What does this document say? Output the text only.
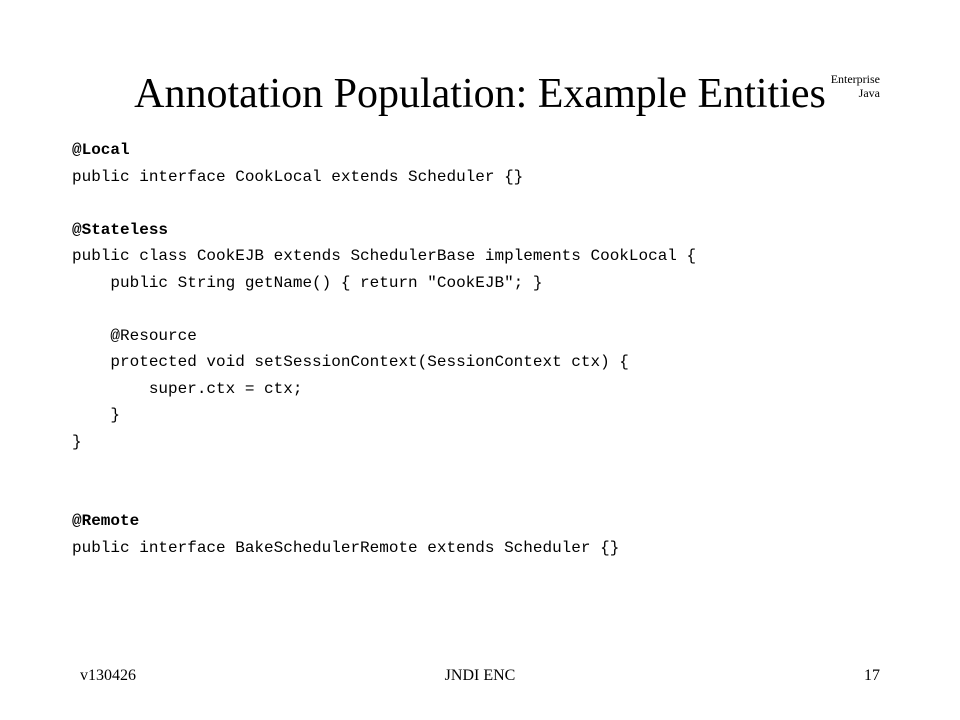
Annotation Population: Example Entities Enterprise
Java
@Local
public interface CookLocal extends Scheduler {}
@Stateless
public class CookEJB extends SchedulerBase implements CookLocal {
public String getName() { return "CookEJB"; }
@Resource
protected void setSessionContext(SessionContext ctx) {
super.ctx = ctx;
}
}
@Remote
public interface BakeSchedulerRemote extends Scheduler {}
v130426	JNDI ENC	17
